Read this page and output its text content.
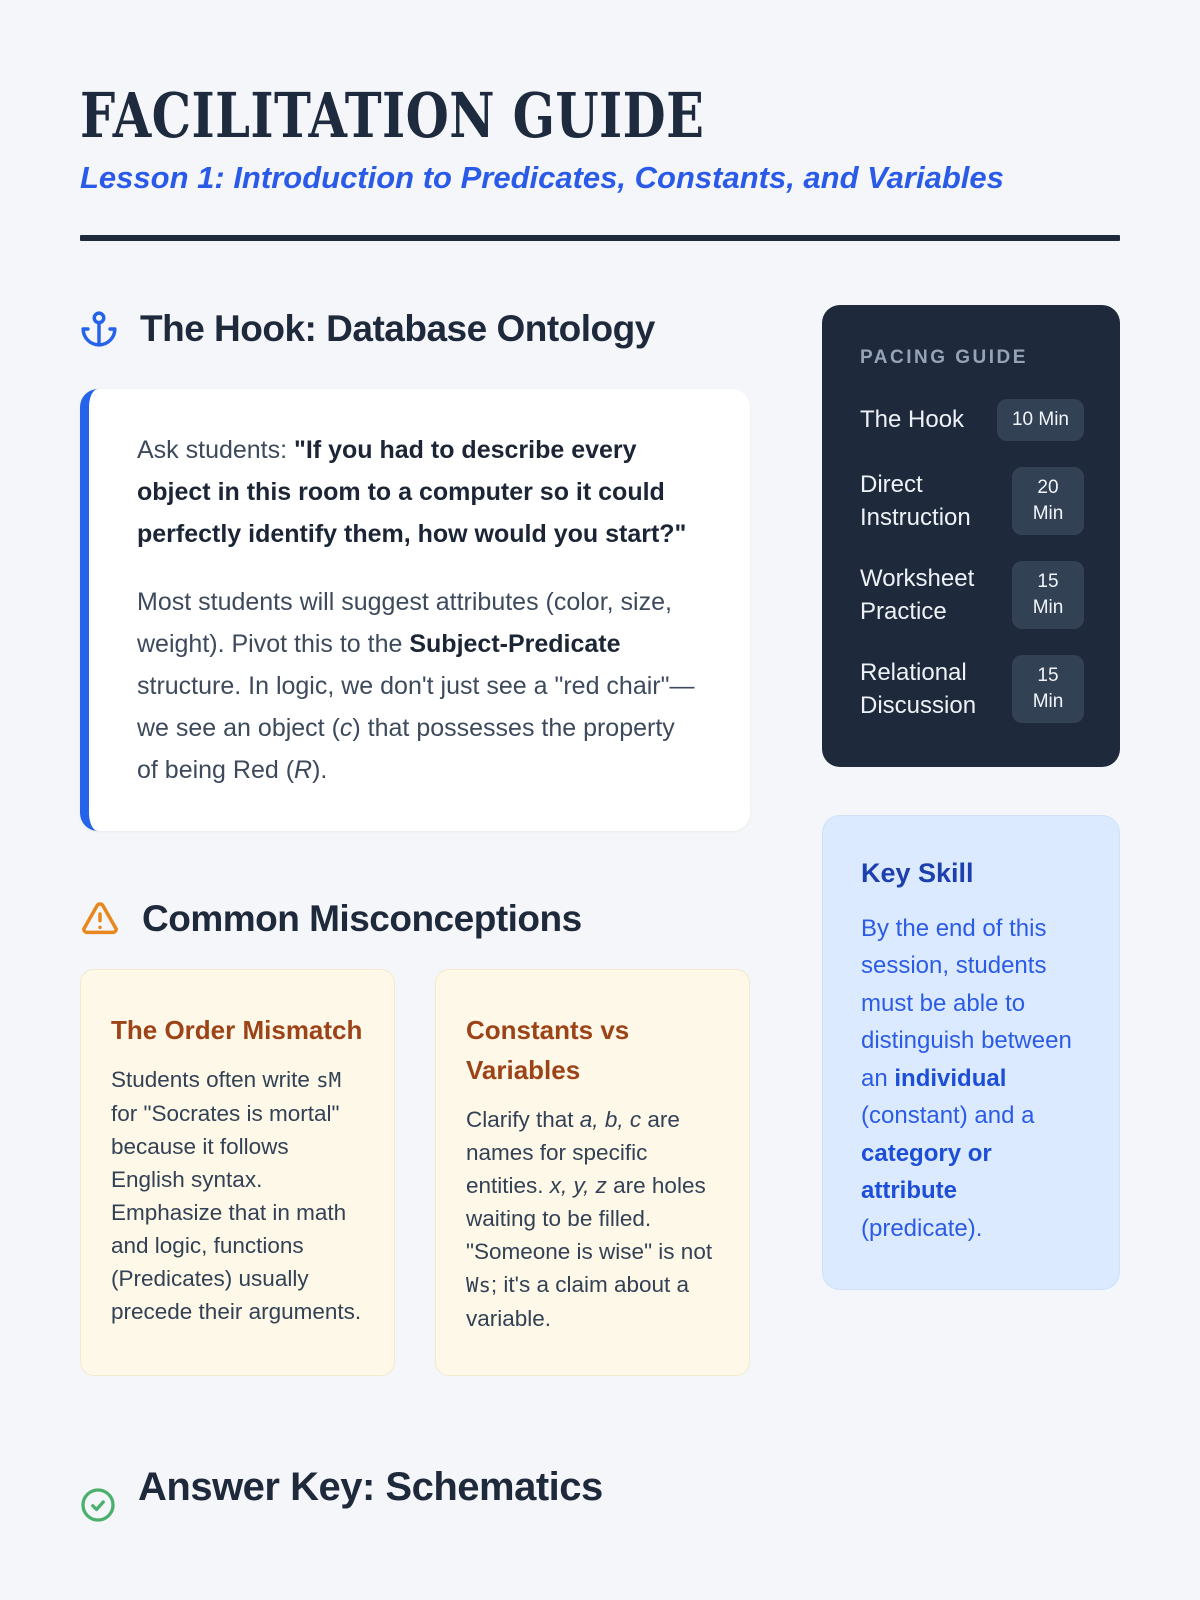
FACILITATION GUIDE
Lesson 1: Introduction to Predicates, Constants, and Variables
The Hook: Database Ontology

Ask students: "If you had to describe every object in this room to a computer so it could perfectly identify them, how would you start?"

Most students will suggest attributes (color, size, weight). Pivot this to the Subject-Predicate structure. In logic, we don't just see a "red chair"—we see an object (c) that possesses the property of being Red (R).

Common Misconceptions
The Order Mismatch

Students often write sM for "Socrates is mortal" because it follows English syntax. Emphasize that in math and logic, functions (Predicates) usually precede their arguments.

Constants vs Variables

Clarify that a, b, c are names for specific entities. x, y, z are holes waiting to be filled. "Someone is wise" is not Ws; it's a claim about a variable.

Answer Key: Schematics
PACING GUIDE
The Hook	10 Min
Direct Instruction
20 Min
Worksheet Practice
15 Min
Relational Discussion
15 Min
Key Skill

By the end of this session, students must be able to distinguish between an individual (constant) and a category or attribute (predicate).
